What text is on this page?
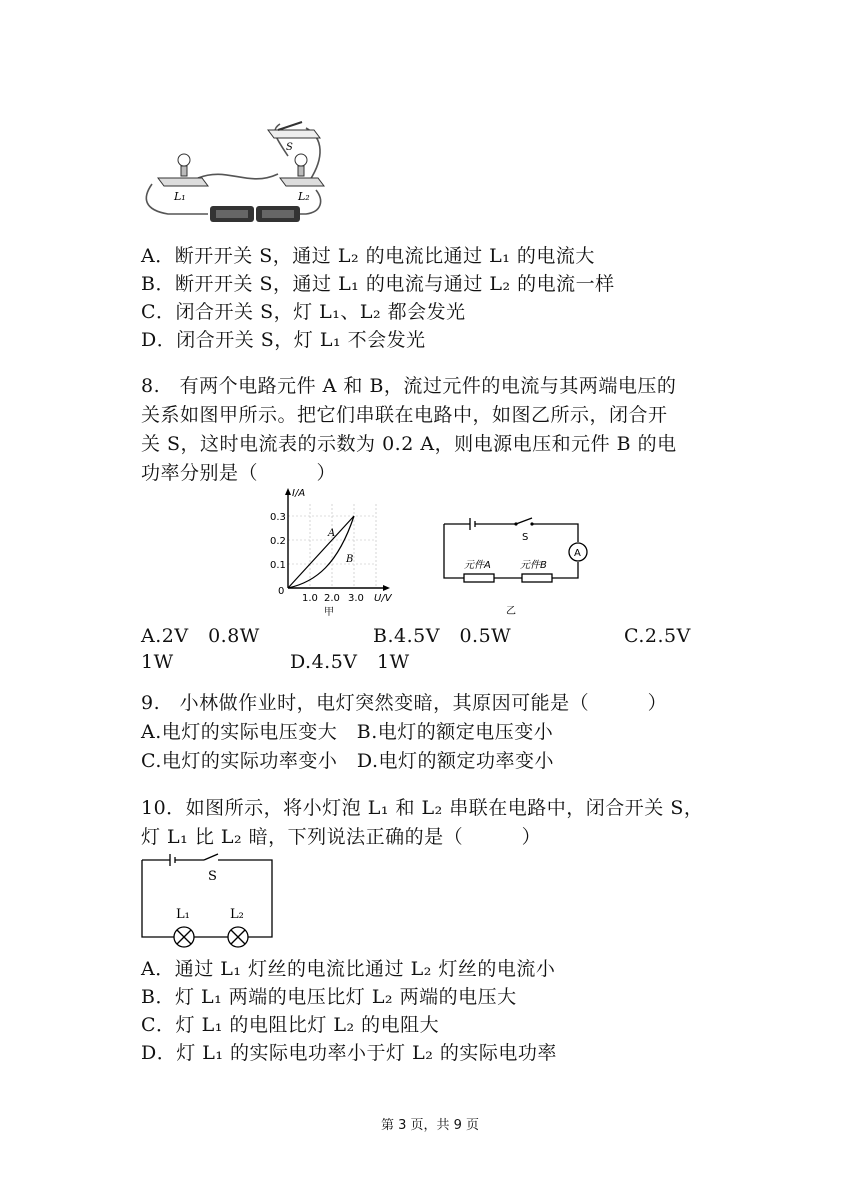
L₁	L₂
S
A．断开开关 S，通过 L₂ 的电流比通过 L₁ 的电流大
B．断开开关 S，通过 L₁ 的电流与通过 L₂ 的电流一样
C．闭合开关 S，灯 L₁、L₂ 都会发光
D．闭合开关 S，灯 L₁ 不会发光
8.　有两个电路元件 A 和 B，流过元件的电流与其两端电压的
关系如图甲所示。把它们串联在电路中，如图乙所示，闭合开
关 S，这时电流表的示数为 0.2 A，则电源电压和元件 B 的电
功率分别是（　　　）
I/A
0.3
0.2
0.1
0
1.0 2.0 3.0 U/V
A
B
甲
A
S
元件A	元件B
乙
A.2V　0.8W	B.4.5V　0.5W	C.2.5V
1W	D.4.5V　1W
9.　小林做作业时，电灯突然变暗，其原因可能是（　　　）
A.电灯的实际电压变大　B.电灯的额定电压变小
C.电灯的实际功率变小　D.电灯的额定功率变小
10．如图所示，将小灯泡 L₁ 和 L₂ 串联在电路中，闭合开关 S，
灯 L₁ 比 L₂ 暗，下列说法正确的是（　　　）
S
L₁	L₂
A．通过 L₁ 灯丝的电流比通过 L₂ 灯丝的电流小
B．灯 L₁ 两端的电压比灯 L₂ 两端的电压大
C．灯 L₁ 的电阻比灯 L₂ 的电阻大
D．灯 L₁ 的实际电功率小于灯 L₂ 的实际电功率
第 3 页，共 9 页
